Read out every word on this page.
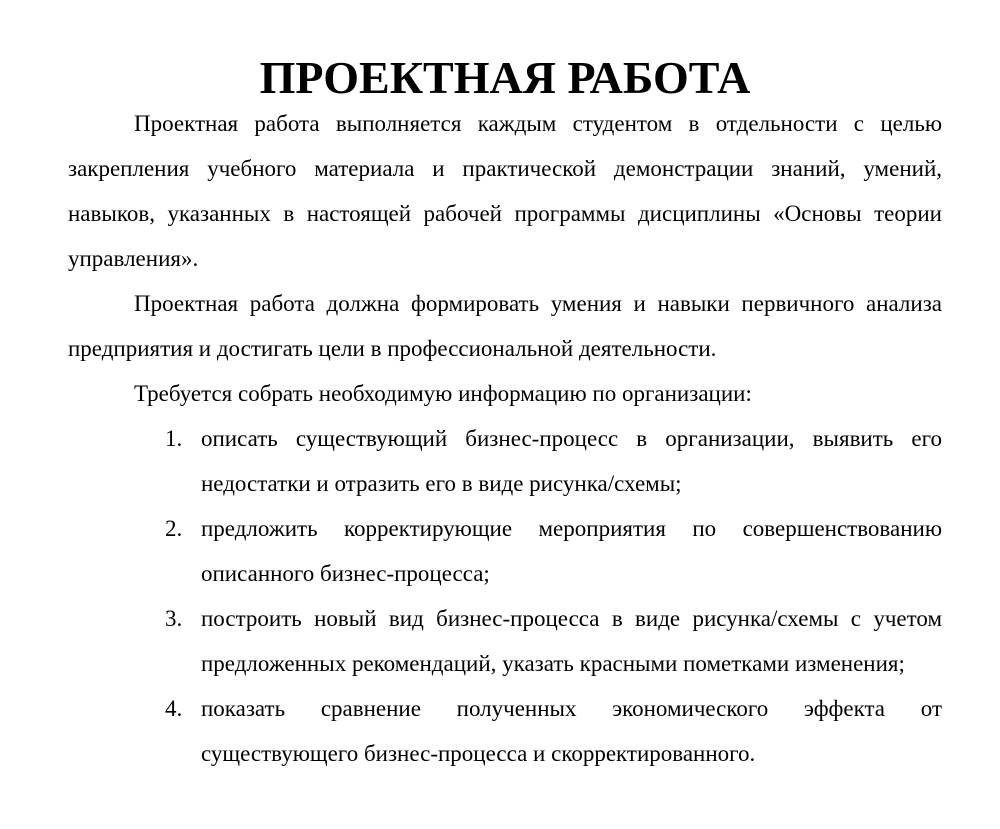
ПРОЕКТНАЯ РАБОТА

Проектная работа выполняется каждым студентом в отдельности с целью закрепления учебного материала и практической демонстрации знаний, умений, навыков, указанных в настоящей рабочей программы дисциплины «Основы теории управления».

Проектная работа должна формировать умения и навыки первичного анализа предприятия и достигать цели в профессиональной деятельности.

Требуется собрать необходимую информацию по организации:

1. описать существующий бизнес-процесс в организации, выявить его недостатки и отразить его в виде рисунка/схемы;
2. предложить корректирующие мероприятия по совершенствованию описанного бизнес-процесса;
3. построить новый вид бизнес-процесса в виде рисунка/схемы с учетом предложенных рекомендаций, указать красными пометками изменения;
4. показать сравнение полученных экономического эффекта от существующего бизнес-процесса и скорректированного.
